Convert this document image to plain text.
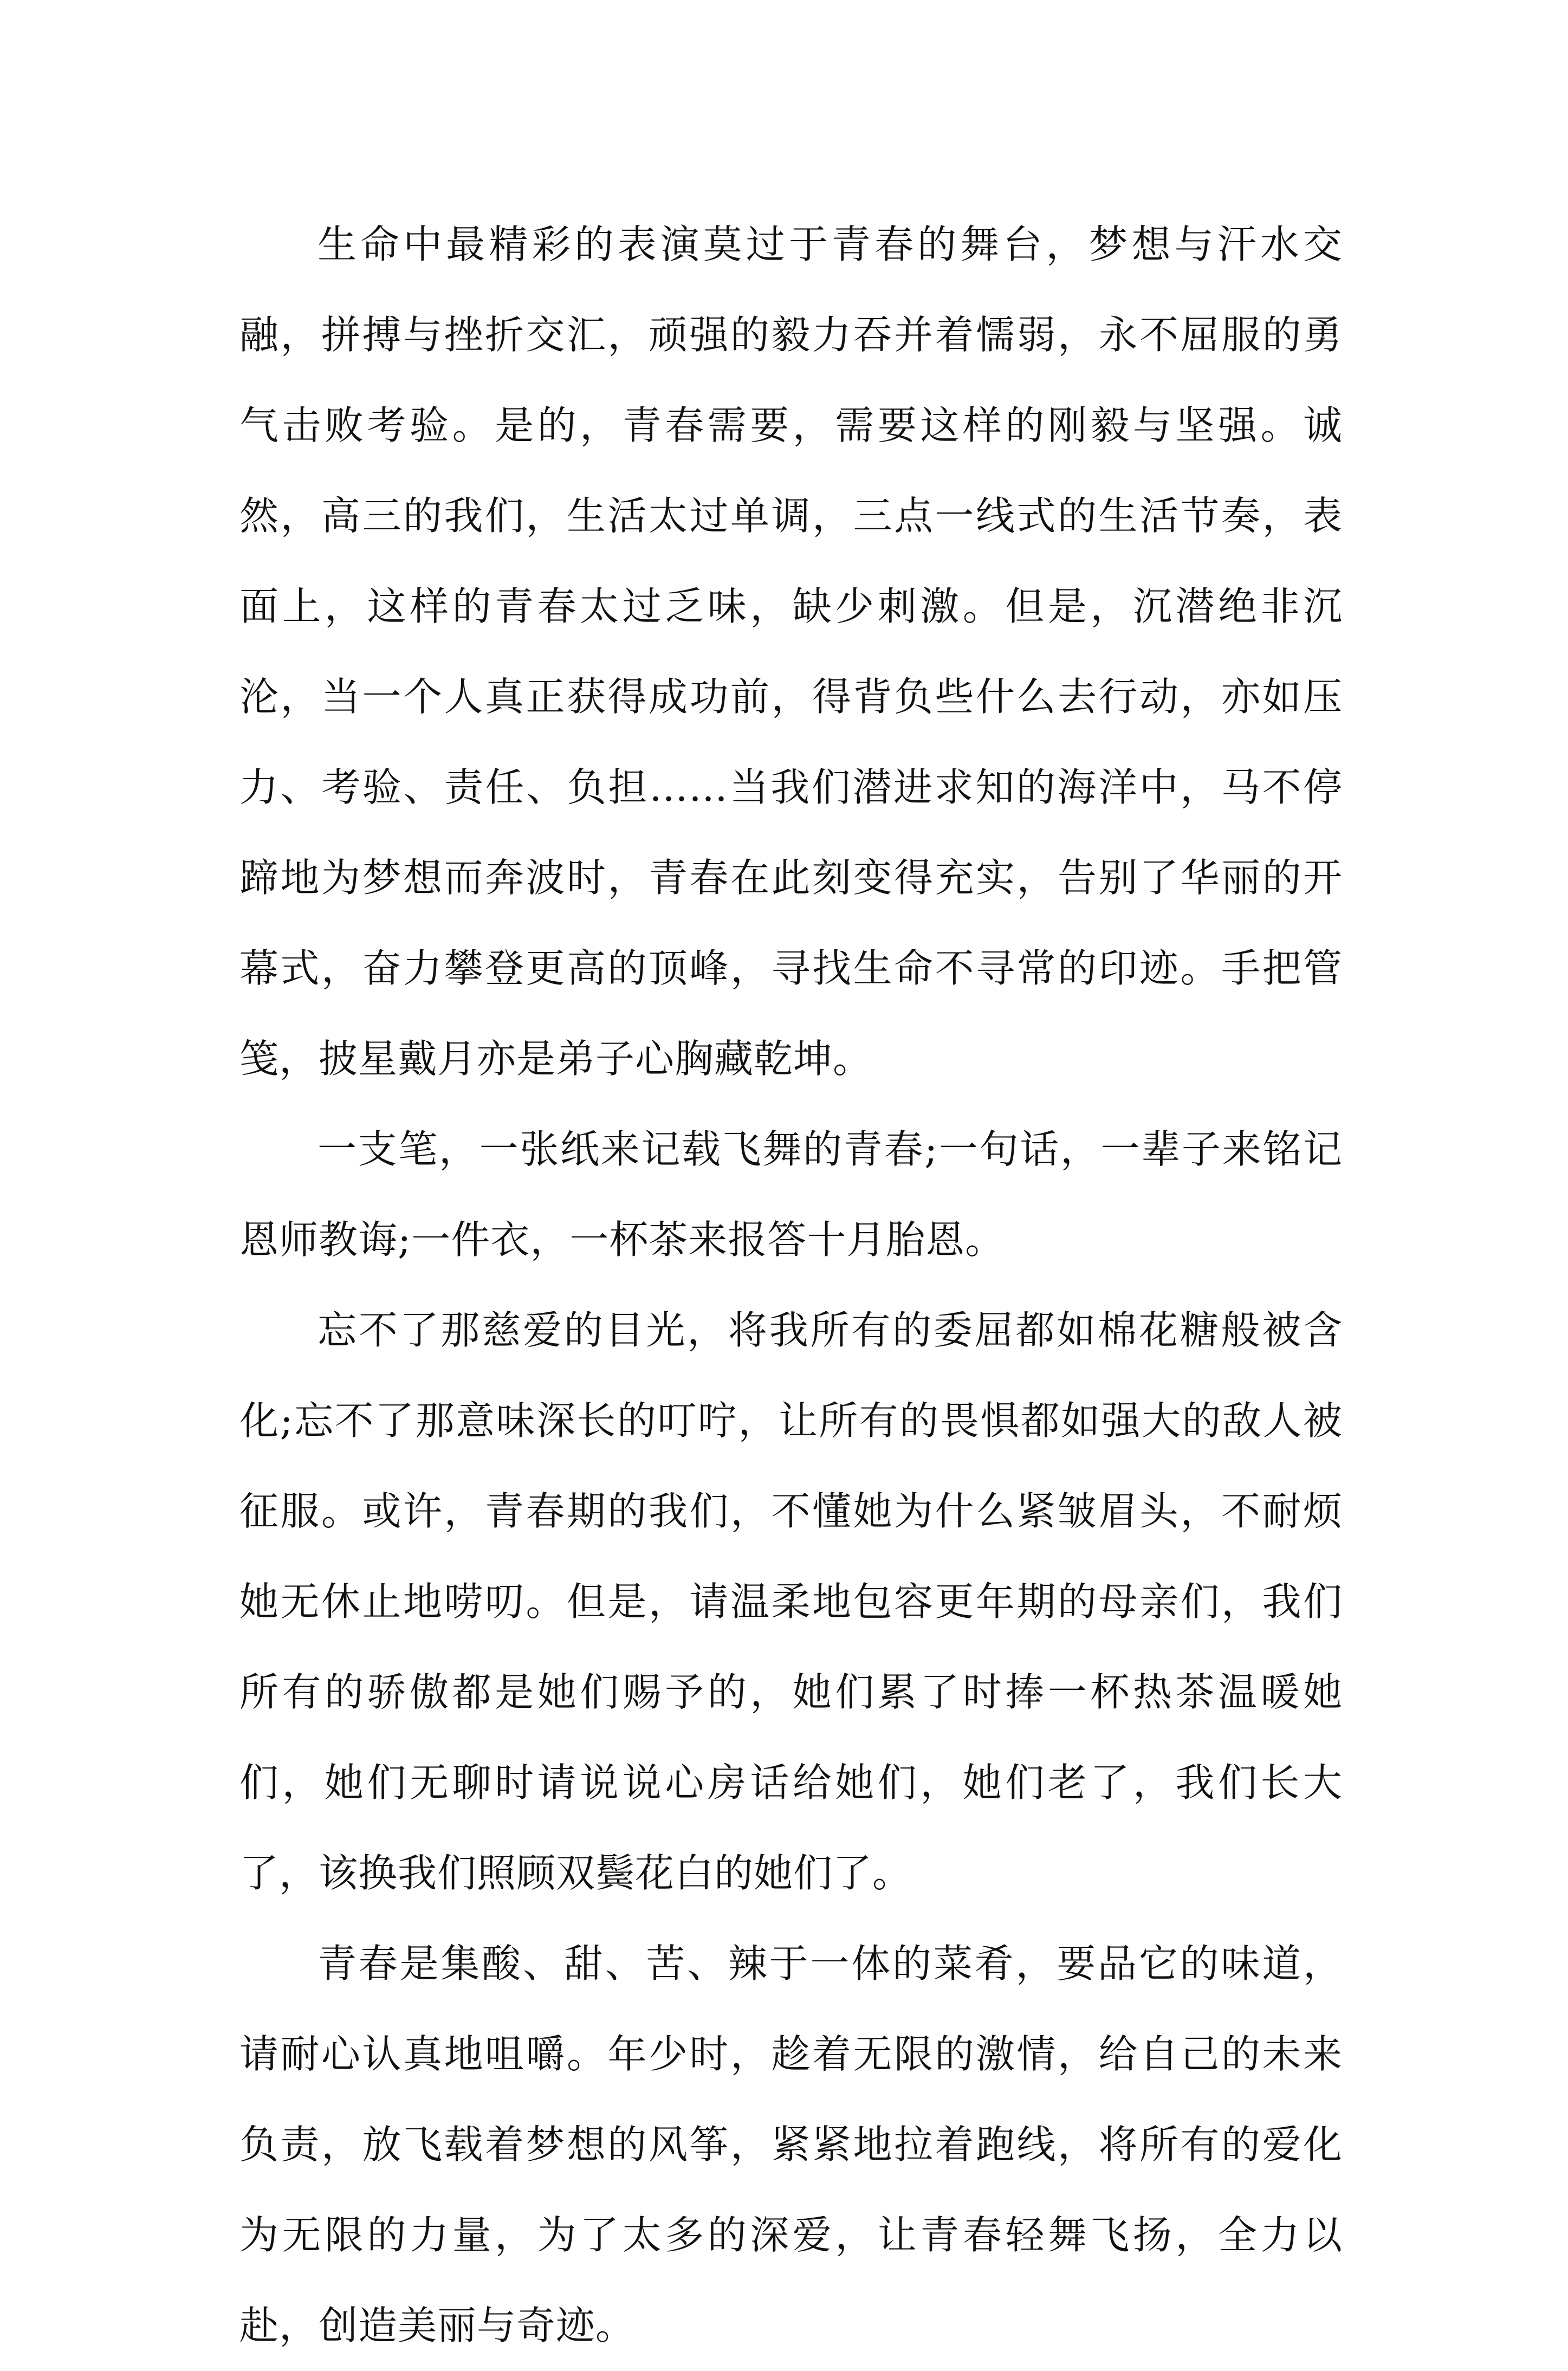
生命中最精彩的表演莫过于青春的舞台，梦想与汗水交融，拼搏与挫折交汇，顽强的毅力吞并着懦弱，永不屈服的勇气击败考验。是的，青春需要，需要这样的刚毅与坚强。诚然，高三的我们，生活太过单调，三点一线式的生活节奏，表面上，这样的青春太过乏味，缺少刺激。但是，沉潜绝非沉沦，当一个人真正获得成功前，得背负些什么去行动，亦如压力、考验、责任、负担……当我们潜进求知的海洋中，马不停蹄地为梦想而奔波时，青春在此刻变得充实，告别了华丽的开幕式，奋力攀登更高的顶峰，寻找生命不寻常的印迹。手把管笺，披星戴月亦是弟子心胸藏乾坤。

一支笔，一张纸来记载飞舞的青春;一句话，一辈子来铭记恩师教诲;一件衣，一杯茶来报答十月胎恩。

忘不了那慈爱的目光，将我所有的委屈都如棉花糖般被含化;忘不了那意味深长的叮咛，让所有的畏惧都如强大的敌人被征服。或许，青春期的我们，不懂她为什么紧皱眉头，不耐烦她无休止地唠叨。但是，请温柔地包容更年期的母亲们，我们所有的骄傲都是她们赐予的，她们累了时捧一杯热茶温暖她们，她们无聊时请说说心房话给她们，她们老了，我们长大了，该换我们照顾双鬓花白的她们了。

青春是集酸、甜、苦、辣于一体的菜肴，要品它的味道，请耐心认真地咀嚼。年少时，趁着无限的激情，给自己的未来负责，放飞载着梦想的风筝，紧紧地拉着跑线，将所有的爱化为无限的力量，为了太多的深爱，让青春轻舞飞扬，全力以赴，创造美丽与奇迹。
